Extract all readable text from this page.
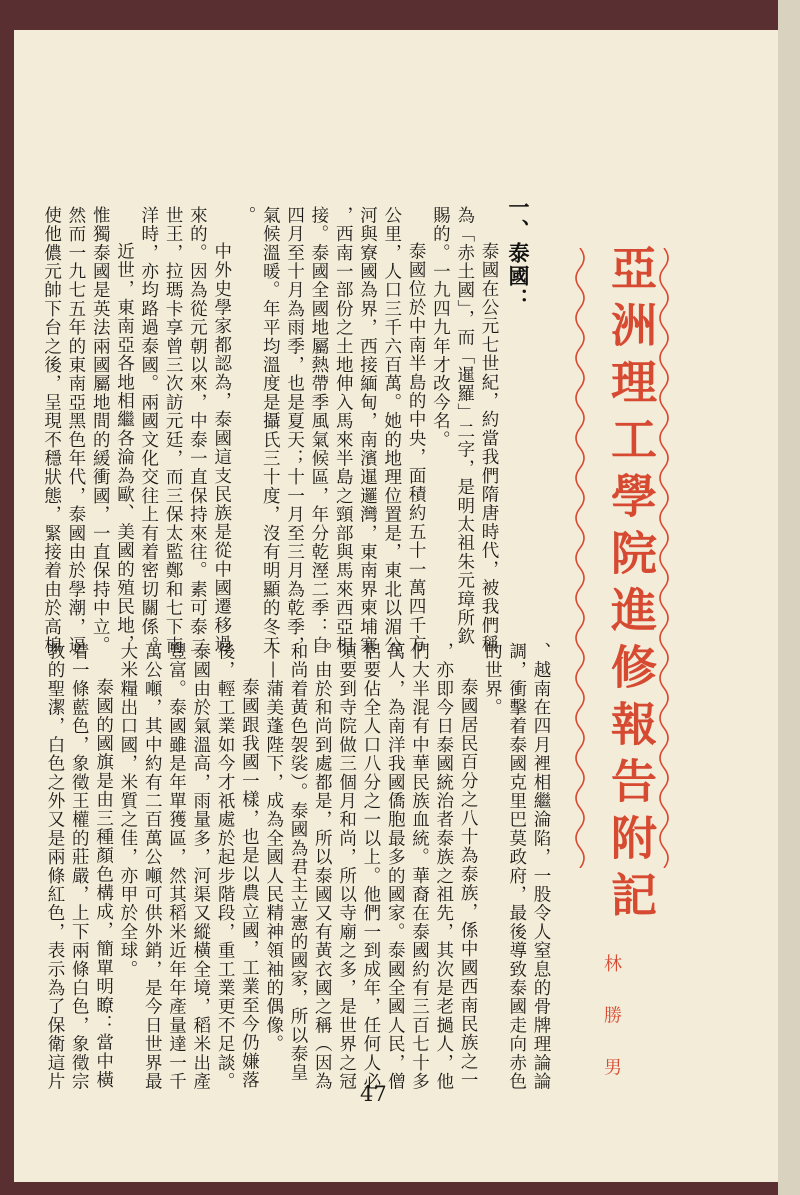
亞洲理工學院進修報告附記
林 勝 男
一、泰國：
泰國在公元七世紀，約當我們隋唐時代，被我們稱
為「赤土國」，而「暹羅」二字，是明太祖朱元璋所欽
賜的。一九四九年才改今名。
泰國位於中南半島的中央，面積約五十一萬四千方
公里，人口三千六百萬。她的地理位置是，東北以湄公
河與寮國為界，西接緬甸，南濱暹邏灣，東南界柬埔寨
，西南一部份之土地伸入馬來半島之頸部與馬來西亞相
接。泰國全國地屬熱帶季風氣候區，年分乾溼二季：自
四月至十月為雨季，也是夏天；十一月至三月為乾季，
氣候溫暖。年平均溫度是攝氏三十度，沒有明顯的冬天
。
中外史學家都認為，泰國這支民族是從中國遷移過
來的。因為從元朝以來，中泰一直保持來往。素可泰二
世王，拉瑪卡享曾三次訪元廷，而三保太監鄭和七下南
洋時，亦均路過泰國。兩國文化交往上有着密切關係。
近世，東南亞各地相繼各淪為歐、美國的殖民地，
惟獨泰國是英法兩國屬地間的緩衝國，一直保持中立。
然而一九七五年的東南亞黑色年代，泰國由於學潮，逼
使他儂元帥下台之後，呈現不穩狀態，緊接着由於高棉
、越南在四月裡相繼淪陷，一股令人窒息的骨牌理論論
調，衝擊着泰國克里巴莫政府，最後導致泰國走向赤色
的世界。
泰國居民百分之八十為泰族，係中國西南民族之一
，亦即今日泰國統治者泰族之祖先，其次是老撾人，他
們大半混有中華民族血統。華裔在泰國約有三百七十多
萬人，為南洋我國僑胞最多的國家。泰國全國人民，僧
侶要佔全人口八分之一以上。他們一到成年，任何人必
須要到寺院做三個月和尚，所以寺廟之多，是世界之冠
。由於和尚到處都是，所以泰國又有黃衣國之稱（因為
和尚着黃色袈裟）。泰國為君主立憲的國家，所以泰皇
——蒲美蓬陛下，成為全國人民精神領袖的偶像。
泰國跟我國一樣，也是以農立國，工業至今仍嫌落
後，輕工業如今才祇處於起步階段，重工業更不足談。
泰國由於氣溫高，雨量多，河渠又縱橫全境，稻米出產
豐富。泰國雖是年單獲區，然其稻米近年年產量達一千
萬公噸，其中約有二百萬公噸可供外銷，是今日世界最
大米糧出口國，米質之佳，亦甲於全球。
泰國的國旗是由三種顏色構成，簡單明瞭：當中橫
着一條藍色，象徵王權的莊嚴，上下兩條白色，象徵宗
教的聖潔，白色之外又是兩條紅色，表示為了保衛這片
47
